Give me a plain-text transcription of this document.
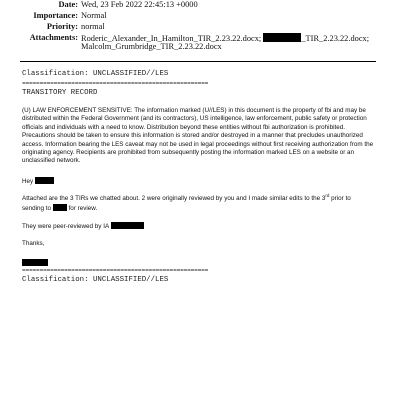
Date: Wed, 23 Feb 2022 22:45:13 +0000
Importance: Normal
Priority: normal
Attachments: Roderic_Alexander_In_Hamilton_TIR_2.23.22.docx;	_TIR_2.23.22.docx;
Malcolm_Grumbridge_TIR_2.23.22.docx
Classification: UNCLASSIFIED//LES
=====================================================
TRANSITORY RECORD
(U) LAW ENFORCEMENT SENSITIVE: The information marked (U//LES) in this document is the property of fbi and may be distributed within the Federal Government (and its contractors), US intelligence, law enforcement, public safety or protection officials and individuals with a need to know. Distribution beyond these entities without fbi authorization is prohibited. Precautions should be taken to ensure this information is stored and/or destroyed in a manner that precludes unauthorized access. Information bearing the LES caveat may not be used in legal proceedings without first receiving authorization from the originating agency. Recipients are prohibited from subsequently posting the information marked LES on a website or an unclassified network.
Hey
Attached are the 3 TIRs we chatted about. 2 were originally reviewed by you and I made similar edits to the 3rd prior to
sending to	for review.
They were peer-reviewed by IA
Thanks,
=====================================================
Classification: UNCLASSIFIED//LES
